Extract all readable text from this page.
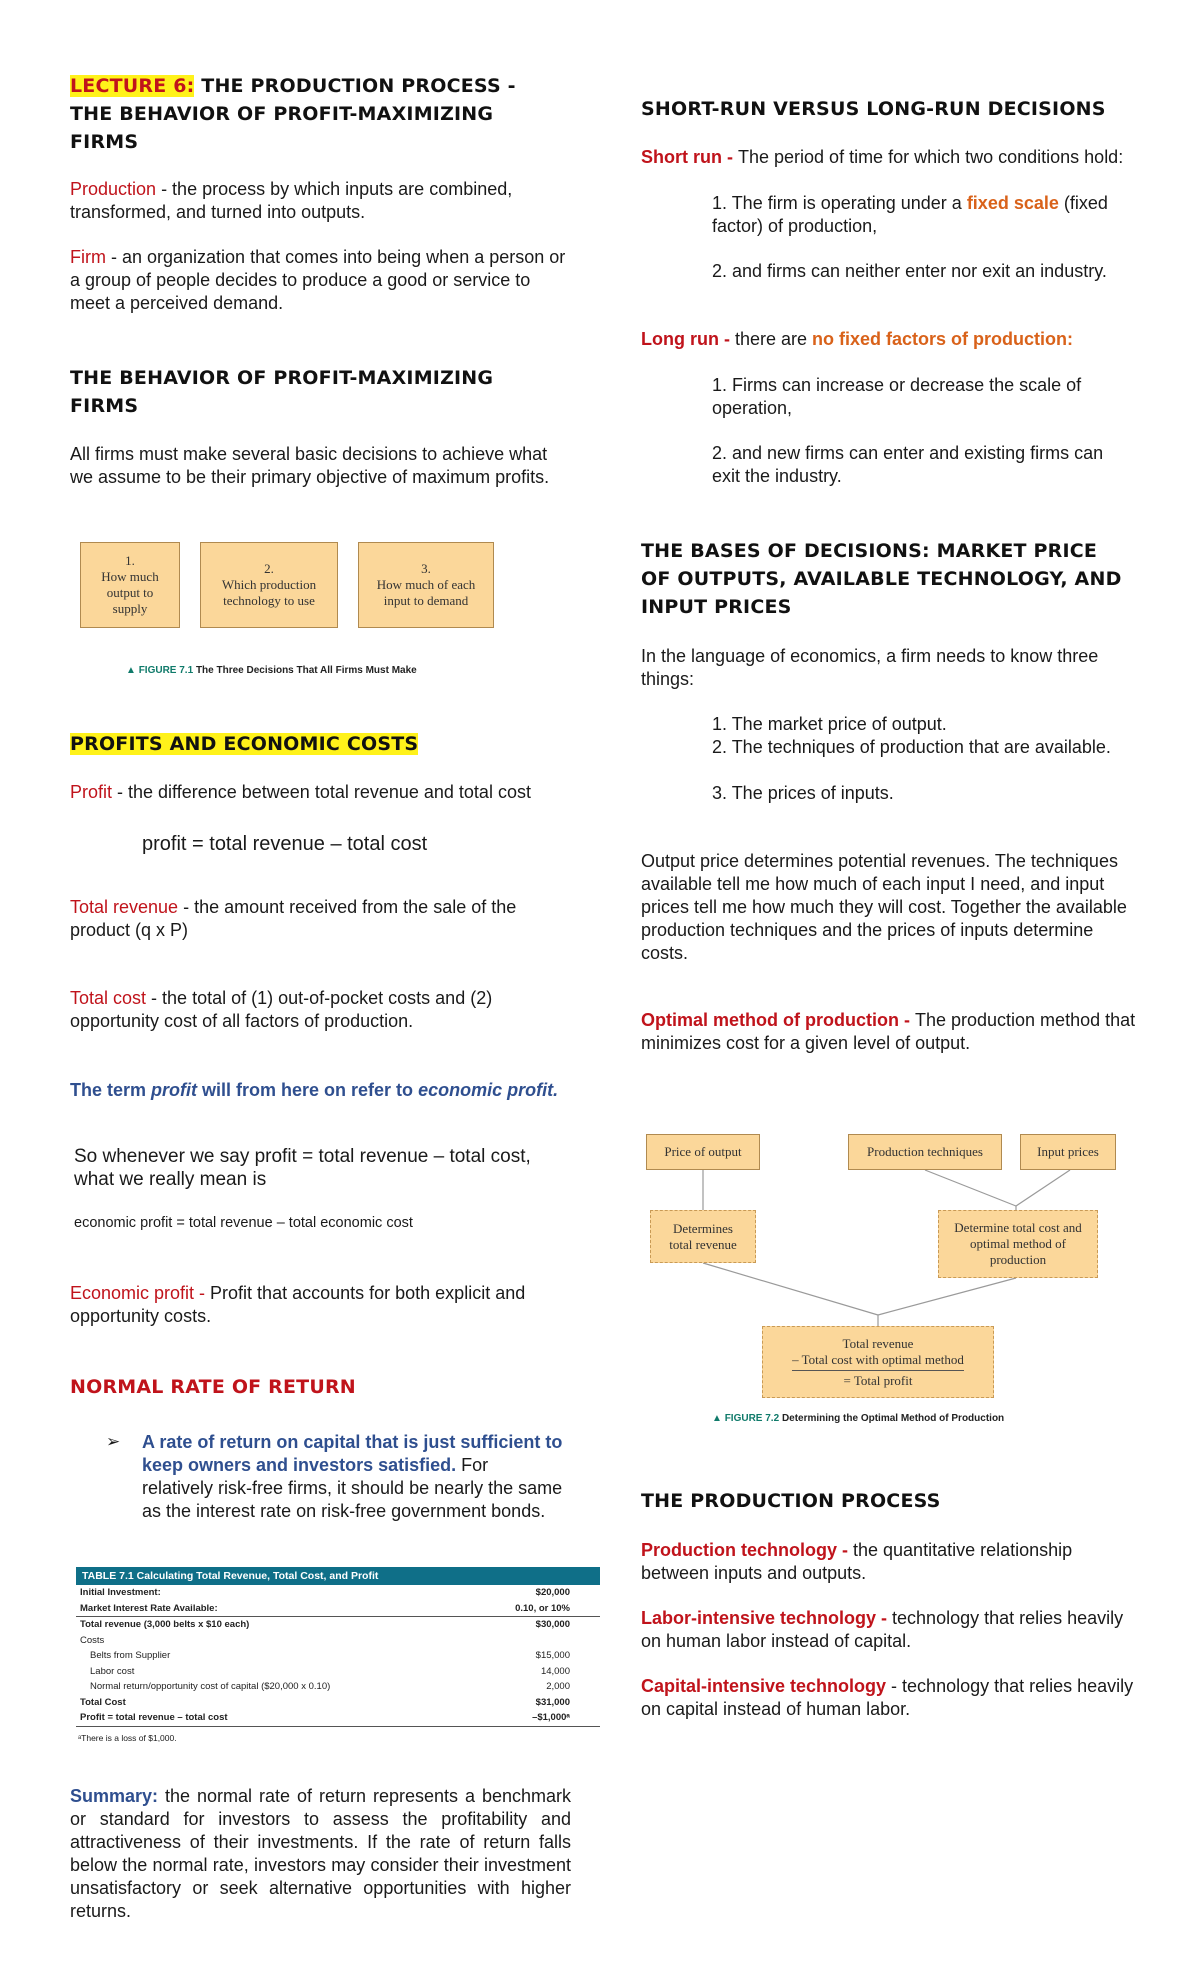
LECTURE 6: THE PRODUCTION PROCESS - THE BEHAVIOR OF PROFIT-MAXIMIZING FIRMS
Production - the process by which inputs are combined, transformed, and turned into outputs.
Firm - an organization that comes into being when a person or a group of people decides to produce a good or service to meet a perceived demand.
THE BEHAVIOR OF PROFIT-MAXIMIZING FIRMS
All firms must make several basic decisions to achieve what we assume to be their primary objective of maximum profits.
1.
How much output to supply
2.
Which production technology to use
3.
How much of each input to demand
▲ FIGURE 7.1 The Three Decisions That All Firms Must Make
PROFITS AND ECONOMIC COSTS
Profit - the difference between total revenue and total cost
profit = total revenue – total cost
Total revenue - the amount received from the sale of the product (q x P)
Total cost - the total of (1) out-of-pocket costs and (2) opportunity cost of all factors of production.
The term profit will from here on refer to economic profit.
So whenever we say profit = total revenue – total cost, what we really mean is
economic profit = total revenue – total economic cost
Economic profit - Profit that accounts for both explicit and opportunity costs.
NORMAL RATE OF RETURN
➢ A rate of return on capital that is just sufficient to keep owners and investors satisfied. For relatively risk-free firms, it should be nearly the same as the interest rate on risk-free government bonds.
TABLE 7.1 Calculating Total Revenue, Total Cost, and Profit
Initial Investment:	$20,000
Market Interest Rate Available:	0.10, or 10%
Total revenue (3,000 belts x $10 each)	$30,000
Costs	
Belts from Supplier	$15,000
Labor cost	14,000
Normal return/opportunity cost of capital ($20,000 x 0.10)	2,000
Total Cost	$31,000
Profit = total revenue – total cost	–$1,000ᵃ
ᵃThere is a loss of $1,000.
Summary: the normal rate of return represents a benchmark or standard for investors to assess the profitability and attractiveness of their investments. If the rate of return falls below the normal rate, investors may consider their investment unsatisfactory or seek alternative opportunities with higher returns.
SHORT-RUN VERSUS LONG-RUN DECISIONS
Short run - The period of time for which two conditions hold:
1. The firm is operating under a fixed scale (fixed factor) of production,
2. and firms can neither enter nor exit an industry.
Long run - there are no fixed factors of production:
1. Firms can increase or decrease the scale of operation,
2. and new firms can enter and existing firms can exit the industry.
THE BASES OF DECISIONS: MARKET PRICE OF OUTPUTS, AVAILABLE TECHNOLOGY, AND INPUT PRICES
In the language of economics, a firm needs to know three things:
1. The market price of output.
2. The techniques of production that are available.
3. The prices of inputs.
Output price determines potential revenues. The techniques available tell me how much of each input I need, and input prices tell me how much they will cost. Together the available production techniques and the prices of inputs determine costs.
Optimal method of production - The production method that minimizes cost for a given level of output.
Price of output	Production techniques	Input prices
Determines total revenue
Determine total cost and optimal method of production
Total revenue
– Total cost with optimal method
= Total profit
▲ FIGURE 7.2 Determining the Optimal Method of Production
THE PRODUCTION PROCESS
Production technology - the quantitative relationship between inputs and outputs.
Labor-intensive technology - technology that relies heavily on human labor instead of capital.
Capital-intensive technology - technology that relies heavily on capital instead of human labor.
